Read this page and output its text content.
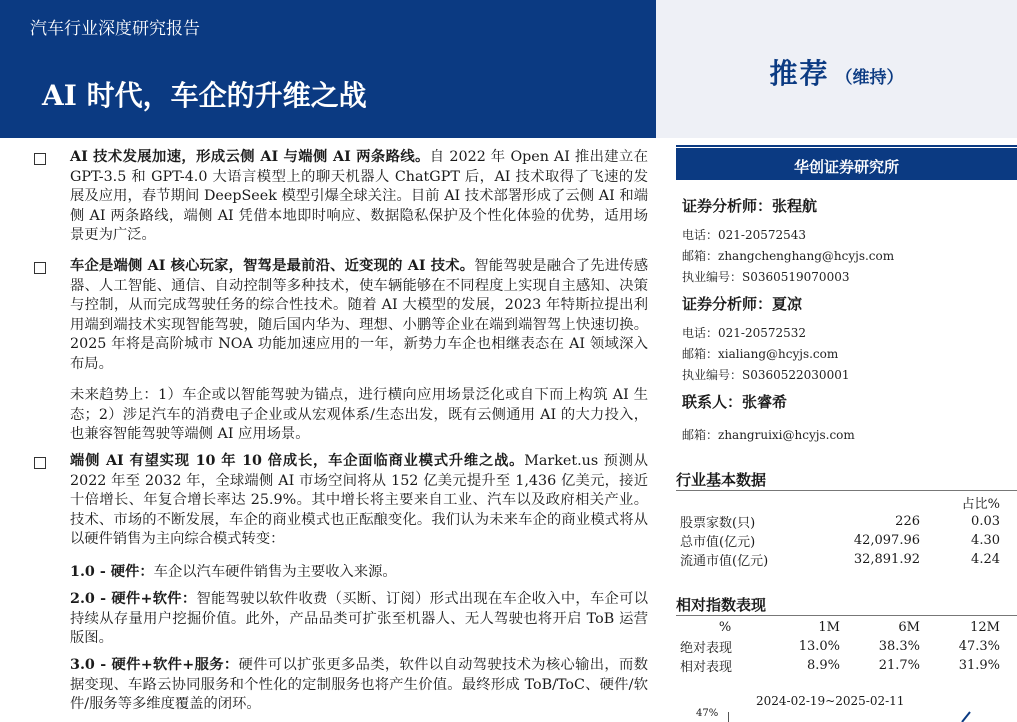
汽车行业深度研究报告
AI 时代，车企的升维之战
推荐 （维持）
AI 技术发展加速，形成云侧 AI 与端侧 AI 两条路线。自 2022 年 Open AI 推出建立在 GPT-3.5 和 GPT-4.0 大语言模型上的聊天机器人 ChatGPT 后，AI 技术取得了飞速的发展及应用，春节期间 DeepSeek 模型引爆全球关注。目前 AI 技术部署形成了云侧 AI 和端侧 AI 两条路线，端侧 AI 凭借本地即时响应、数据隐私保护及个性化体验的优势，适用场景更为广泛。
车企是端侧 AI 核心玩家，智驾是最前沿、近变现的 AI 技术。智能驾驶是融合了先进传感器、人工智能、通信、自动控制等多种技术，使车辆能够在不同程度上实现自主感知、决策与控制，从而完成驾驶任务的综合性技术。随着 AI 大模型的发展，2023 年特斯拉提出利用端到端技术实现智能驾驶，随后国内华为、理想、小鹏等企业在端到端智驾上快速切换。2025 年将是高阶城市 NOA 功能加速应用的一年，新势力车企也相继表态在 AI 领域深入布局。
未来趋势上：1）车企或以智能驾驶为锚点，进行横向应用场景泛化或自下而上构筑 AI 生态；2）涉足汽车的消费电子企业或从宏观体系/生态出发，既有云侧通用 AI 的大力投入，也兼容智能驾驶等端侧 AI 应用场景。
端侧 AI 有望实现 10 年 10 倍成长，车企面临商业模式升维之战。Market.us 预测从 2022 年至 2032 年，全球端侧 AI 市场空间将从 152 亿美元提升至 1,436 亿美元，接近十倍增长、年复合增长率达 25.9%。其中增长将主要来自工业、汽车以及政府相关产业。技术、市场的不断发展，车企的商业模式也正酝酿变化。我们认为未来车企的商业模式将从以硬件销售为主向综合模式转变：
1.0 - 硬件：车企以汽车硬件销售为主要收入来源。
2.0 - 硬件+软件：智能驾驶以软件收费（买断、订阅）形式出现在车企收入中，车企可以持续从存量用户挖掘价值。此外，产品品类可扩张至机器人、无人驾驶也将开启 ToB 运营版图。
3.0 - 硬件+软件+服务：硬件可以扩张更多品类，软件以自动驾驶技术为核心输出，而数据变现、车路云协同服务和个性化的定制服务也将产生价值。最终形成 ToB/ToC、硬件/软件/服务等多维度覆盖的闭环。
华创证券研究所
证券分析师：张程航
电话：021-20572543
邮箱：zhangchenghang@hcyjs.com
执业编号：S0360519070003
证券分析师：夏凉
电话：021-20572532
邮箱：xialiang@hcyjs.com
执业编号：S0360522030001
联系人：张睿希
邮箱：zhangruixi@hcyjs.com
行业基本数据
		占比%
股票家数(只)	226	0.03
总市值(亿元)	42,097.96	4.30
流通市值(亿元)	32,891.92	4.24
相对指数表现
%	1M	6M	12M
绝对表现	13.0%	38.3%	47.3%
相对表现	8.9%	21.7%	31.9%
2024-02-19~2025-02-11
47%
